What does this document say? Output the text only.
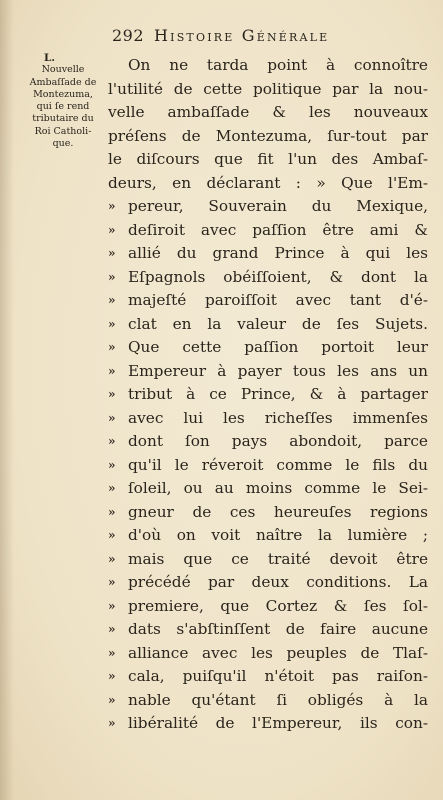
292 Histoire Générale
L.
Nouvelle
Ambaſſade de
Montezuma,
qui ſe rend
tributaire du
Roi Catholi-
que.
On ne tarda point à connoître
l'utilité de cette politique par la nou-
velle ambaſſade & les nouveaux
préſens de Montezuma, ſur-tout par
le diſcours que fit l'un des Ambaſ-
deurs, en déclarant : » Que l'Em-
» pereur, Souverain du Mexique,
» deſiroit avec paſſion être ami &
» allié du grand Prince à qui les
» Eſpagnols obéiſſoient, & dont la
» majeſté paroiſſoit avec tant d'é-
» clat en la valeur de ſes Sujets.
» Que cette paſſion portoit leur
» Empereur à payer tous les ans un
» tribut à ce Prince, & à partager
» avec lui les richeſſes immenſes
» dont ſon pays abondoit, parce
» qu'il le réveroit comme le fils du
» ſoleil, ou au moins comme le Sei-
» gneur de ces heureuſes regions
» d'où on voit naître la lumière ;
» mais que ce traité devoit être
» précédé par deux conditions. La
» premiere, que Cortez & ſes ſol-
» dats s'abſtinſſent de faire aucune
» alliance avec les peuples de Tlaſ-
» cala, puiſqu'il n'étoit pas raiſon-
» nable qu'étant ſi obligés à la
» libéralité de l'Empereur, ils con-
